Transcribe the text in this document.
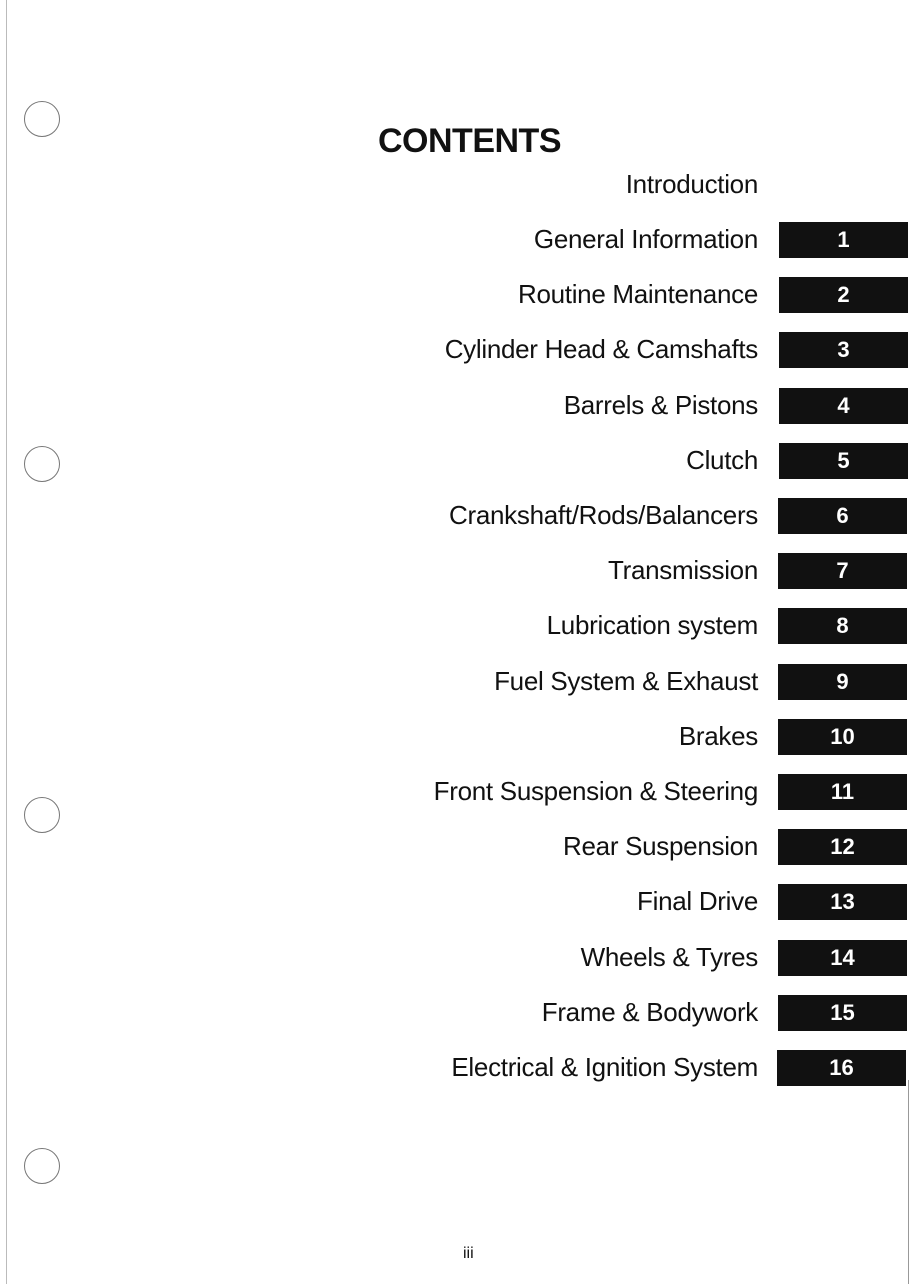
CONTENTS
Introduction
General Information	1
Routine Maintenance	2
Cylinder Head & Camshafts	3
Barrels & Pistons	4
Clutch	5
Crankshaft/Rods/Balancers	6
Transmission	7
Lubrication system	8
Fuel System & Exhaust	9
Brakes	10
Front Suspension & Steering	11
Rear Suspension	12
Final Drive	13
Wheels & Tyres	14
Frame & Bodywork	15
Electrical & Ignition System	16
iii
